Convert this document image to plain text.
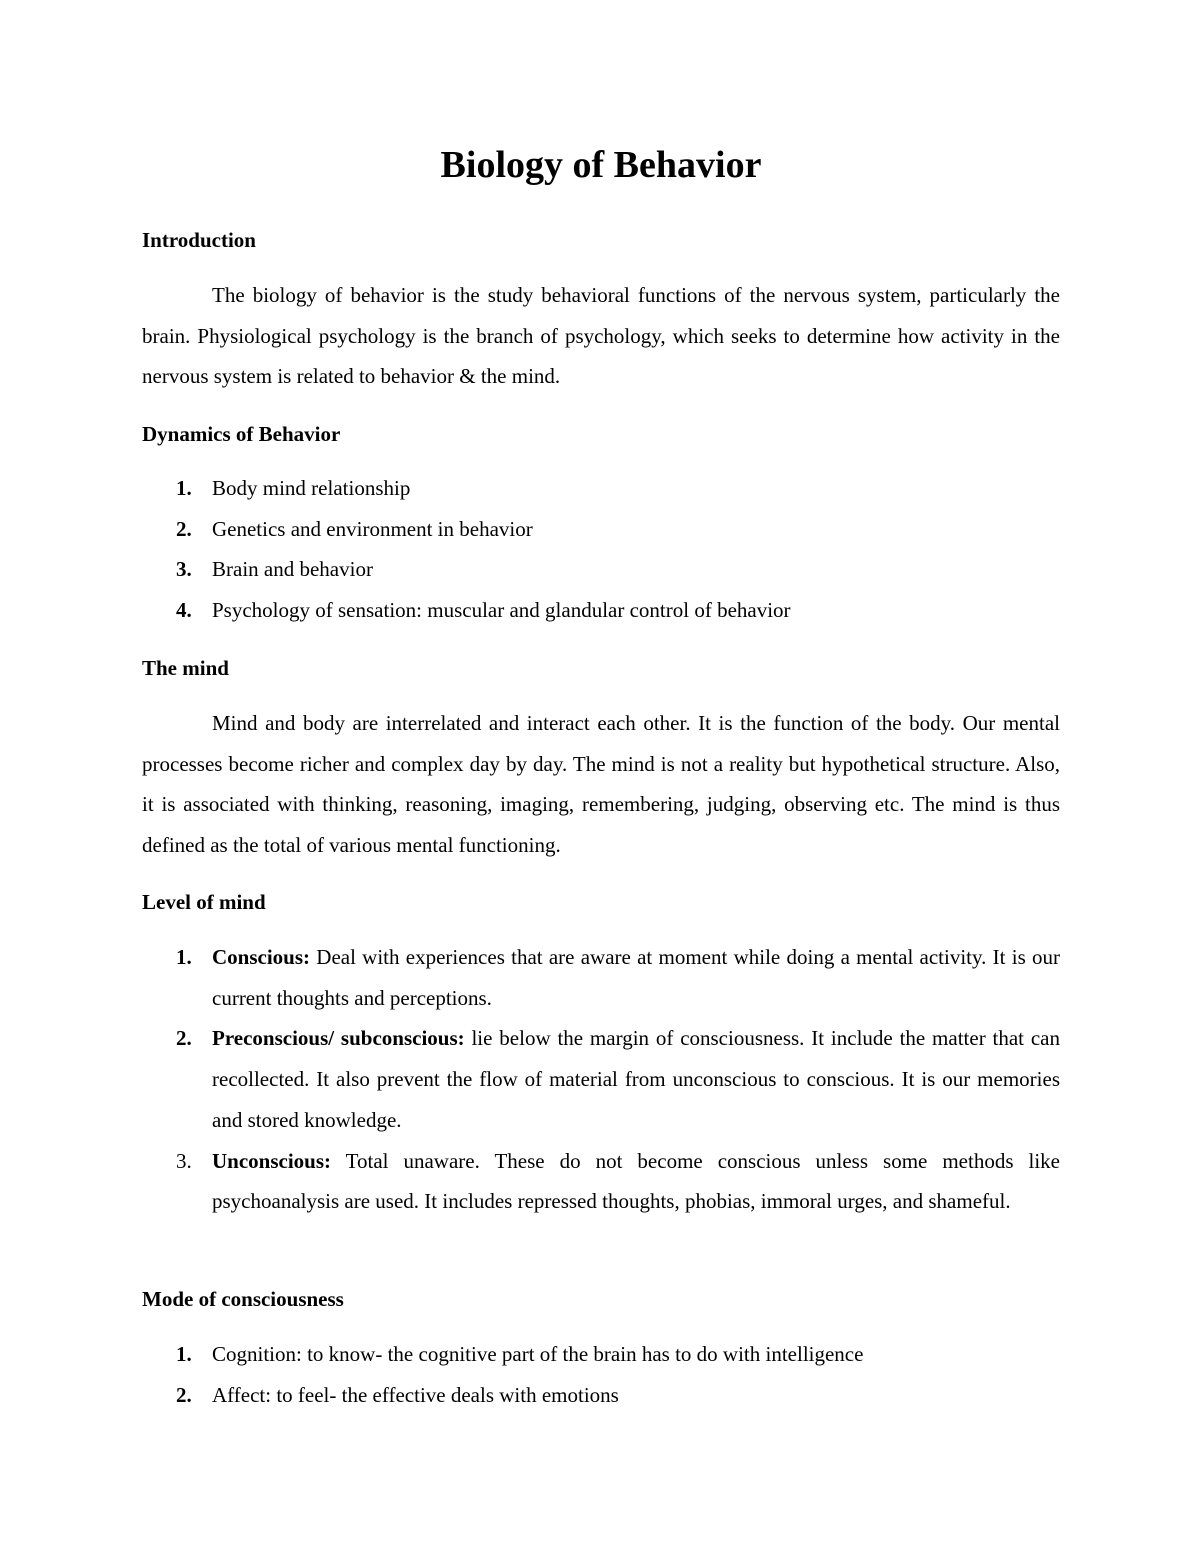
Biology of Behavior
Introduction

The biology of behavior is the study behavioral functions of the nervous system, particularly the brain. Physiological psychology is the branch of psychology, which seeks to determine how activity in the nervous system is related to behavior & the mind.

Dynamics of Behavior
1. Body mind relationship
2. Genetics and environment in behavior
3. Brain and behavior
4. Psychology of sensation: muscular and glandular control of behavior
The mind

Mind and body are interrelated and interact each other. It is the function of the body. Our mental processes become richer and complex day by day. The mind is not a reality but hypothetical structure. Also, it is associated with thinking, reasoning, imaging, remembering, judging, observing etc. The mind is thus defined as the total of various mental functioning.

Level of mind
1. Conscious: Deal with experiences that are aware at moment while doing a mental activity. It is our current thoughts and perceptions.
2. Preconscious/ subconscious: lie below the margin of consciousness. It include the matter that can recollected. It also prevent the flow of material from unconscious to conscious. It is our memories and stored knowledge.
3. Unconscious: Total unaware. These do not become conscious unless some methods like psychoanalysis are used. It includes repressed thoughts, phobias, immoral urges, and shameful.
Mode of consciousness
1. Cognition: to know- the cognitive part of the brain has to do with intelligence
2. Affect: to feel- the effective deals with emotions
